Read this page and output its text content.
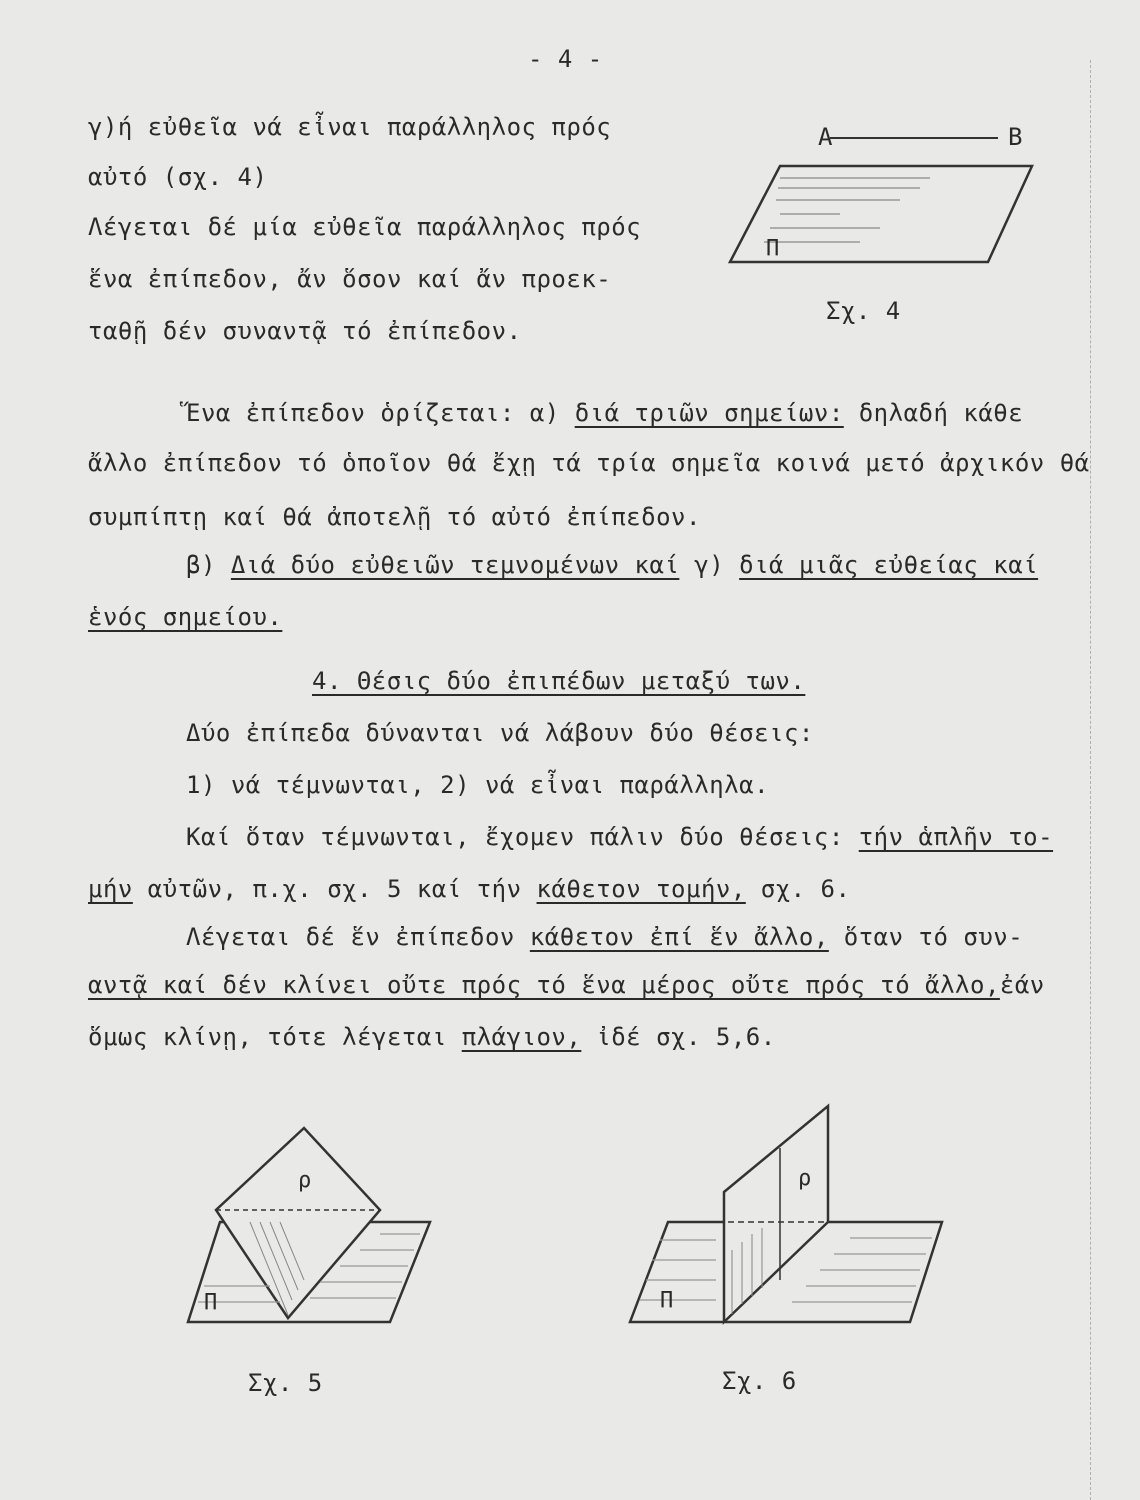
- 4 -
γ)ή εὐθεῖα νά εἶναι παράλληλος πρός
αὐτό (σχ. 4)
Λέγεται δέ μία εὐθεῖα παράλληλος πρός
ἕνα ἐπίπεδον, ἄν ὅσον καί ἄν προεκ-
ταθῇ δέν συναντᾷ τό ἐπίπεδον.
A	B
Π
Σχ. 4
Ἕνα ἐπίπεδον ὁρίζεται: α) διά τριῶν σημείων: δηλαδή κάθε
ἄλλο ἐπίπεδον τό ὁποῖον θά ἔχῃ τά τρία σημεῖα κοινά μετό ἀρχικόν θά
συμπίπτῃ καί θά ἀποτελῇ τό αὐτό ἐπίπεδον.
β) Διά δύο εὐθειῶν τεμνομένων καί γ) διά μιᾶς εὐθείας καί
ἑνός σημείου.
4. Θέσις δύο ἐπιπέδων μεταξύ των.
Δύο ἐπίπεδα δύνανται νά λάβουν δύο θέσεις:
1) νά τέμνωνται, 2) νά εἶναι παράλληλα.
Καί ὅταν τέμνωνται, ἔχομεν πάλιν δύο θέσεις: τήν ἁπλῆν το-
μήν αὐτῶν, π.χ. σχ. 5 καί τήν κάθετον τομήν, σχ. 6.
Λέγεται δέ ἕν ἐπίπεδον κάθετον ἐπί ἕν ἄλλο, ὅταν τό συν-
αντᾷ καί δέν κλίνει οὔτε πρός τό ἕνα μέρος οὔτε πρός τό ἄλλο,ἐάν
ὅμως κλίνῃ, τότε λέγεται πλάγιον, ἰδέ σχ. 5,6.
ρ
Π
Σχ. 5
ρ
Π
Σχ. 6
